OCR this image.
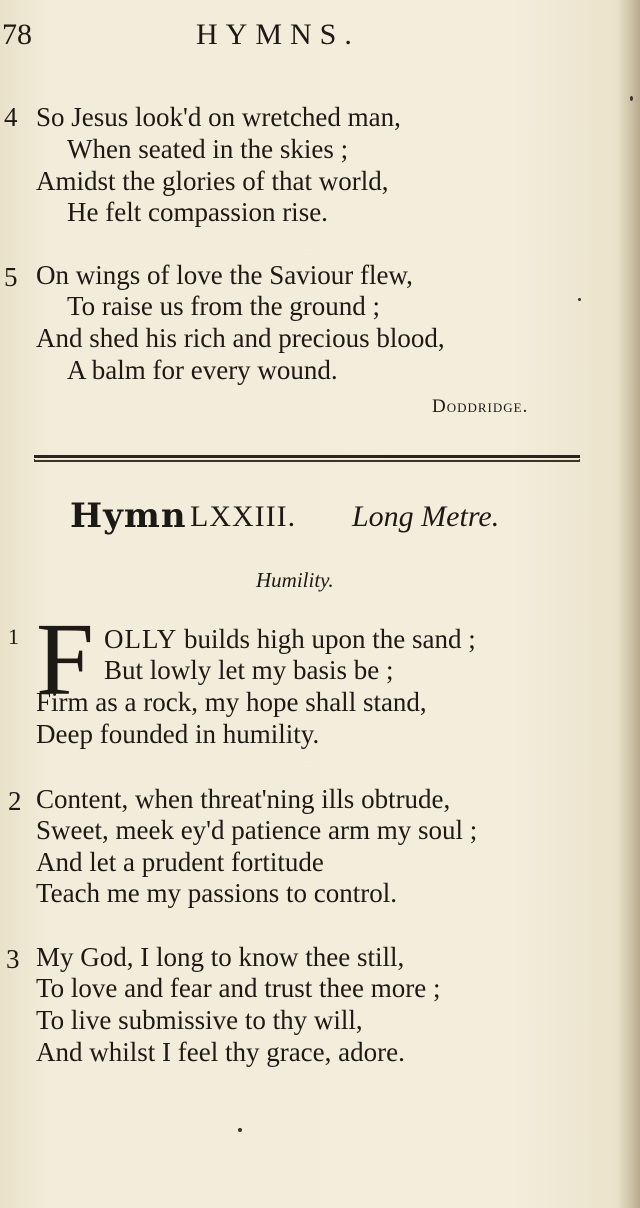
78	HYMNS.
4 So Jesus look'd on wretched man,
When seated in the skies ;
Amidst the glories of that world,
He felt compassion rise.
5 On wings of love the Saviour flew,
To raise us from the ground ;
And shed his rich and precious blood,
A balm for every wound.
Doddridge.
Hymn LXXIII. Long Metre.
Humility.
1 F OLLY builds high upon the sand ;
But lowly let my basis be ;
Firm as a rock, my hope shall stand,
Deep founded in humility.
2 Content, when threat'ning ills obtrude,
Sweet, meek ey'd patience arm my soul ;
And let a prudent fortitude
Teach me my passions to control.
3 My God, I long to know thee still,
To love and fear and trust thee more ;
To live submissive to thy will,
And whilst I feel thy grace, adore.
